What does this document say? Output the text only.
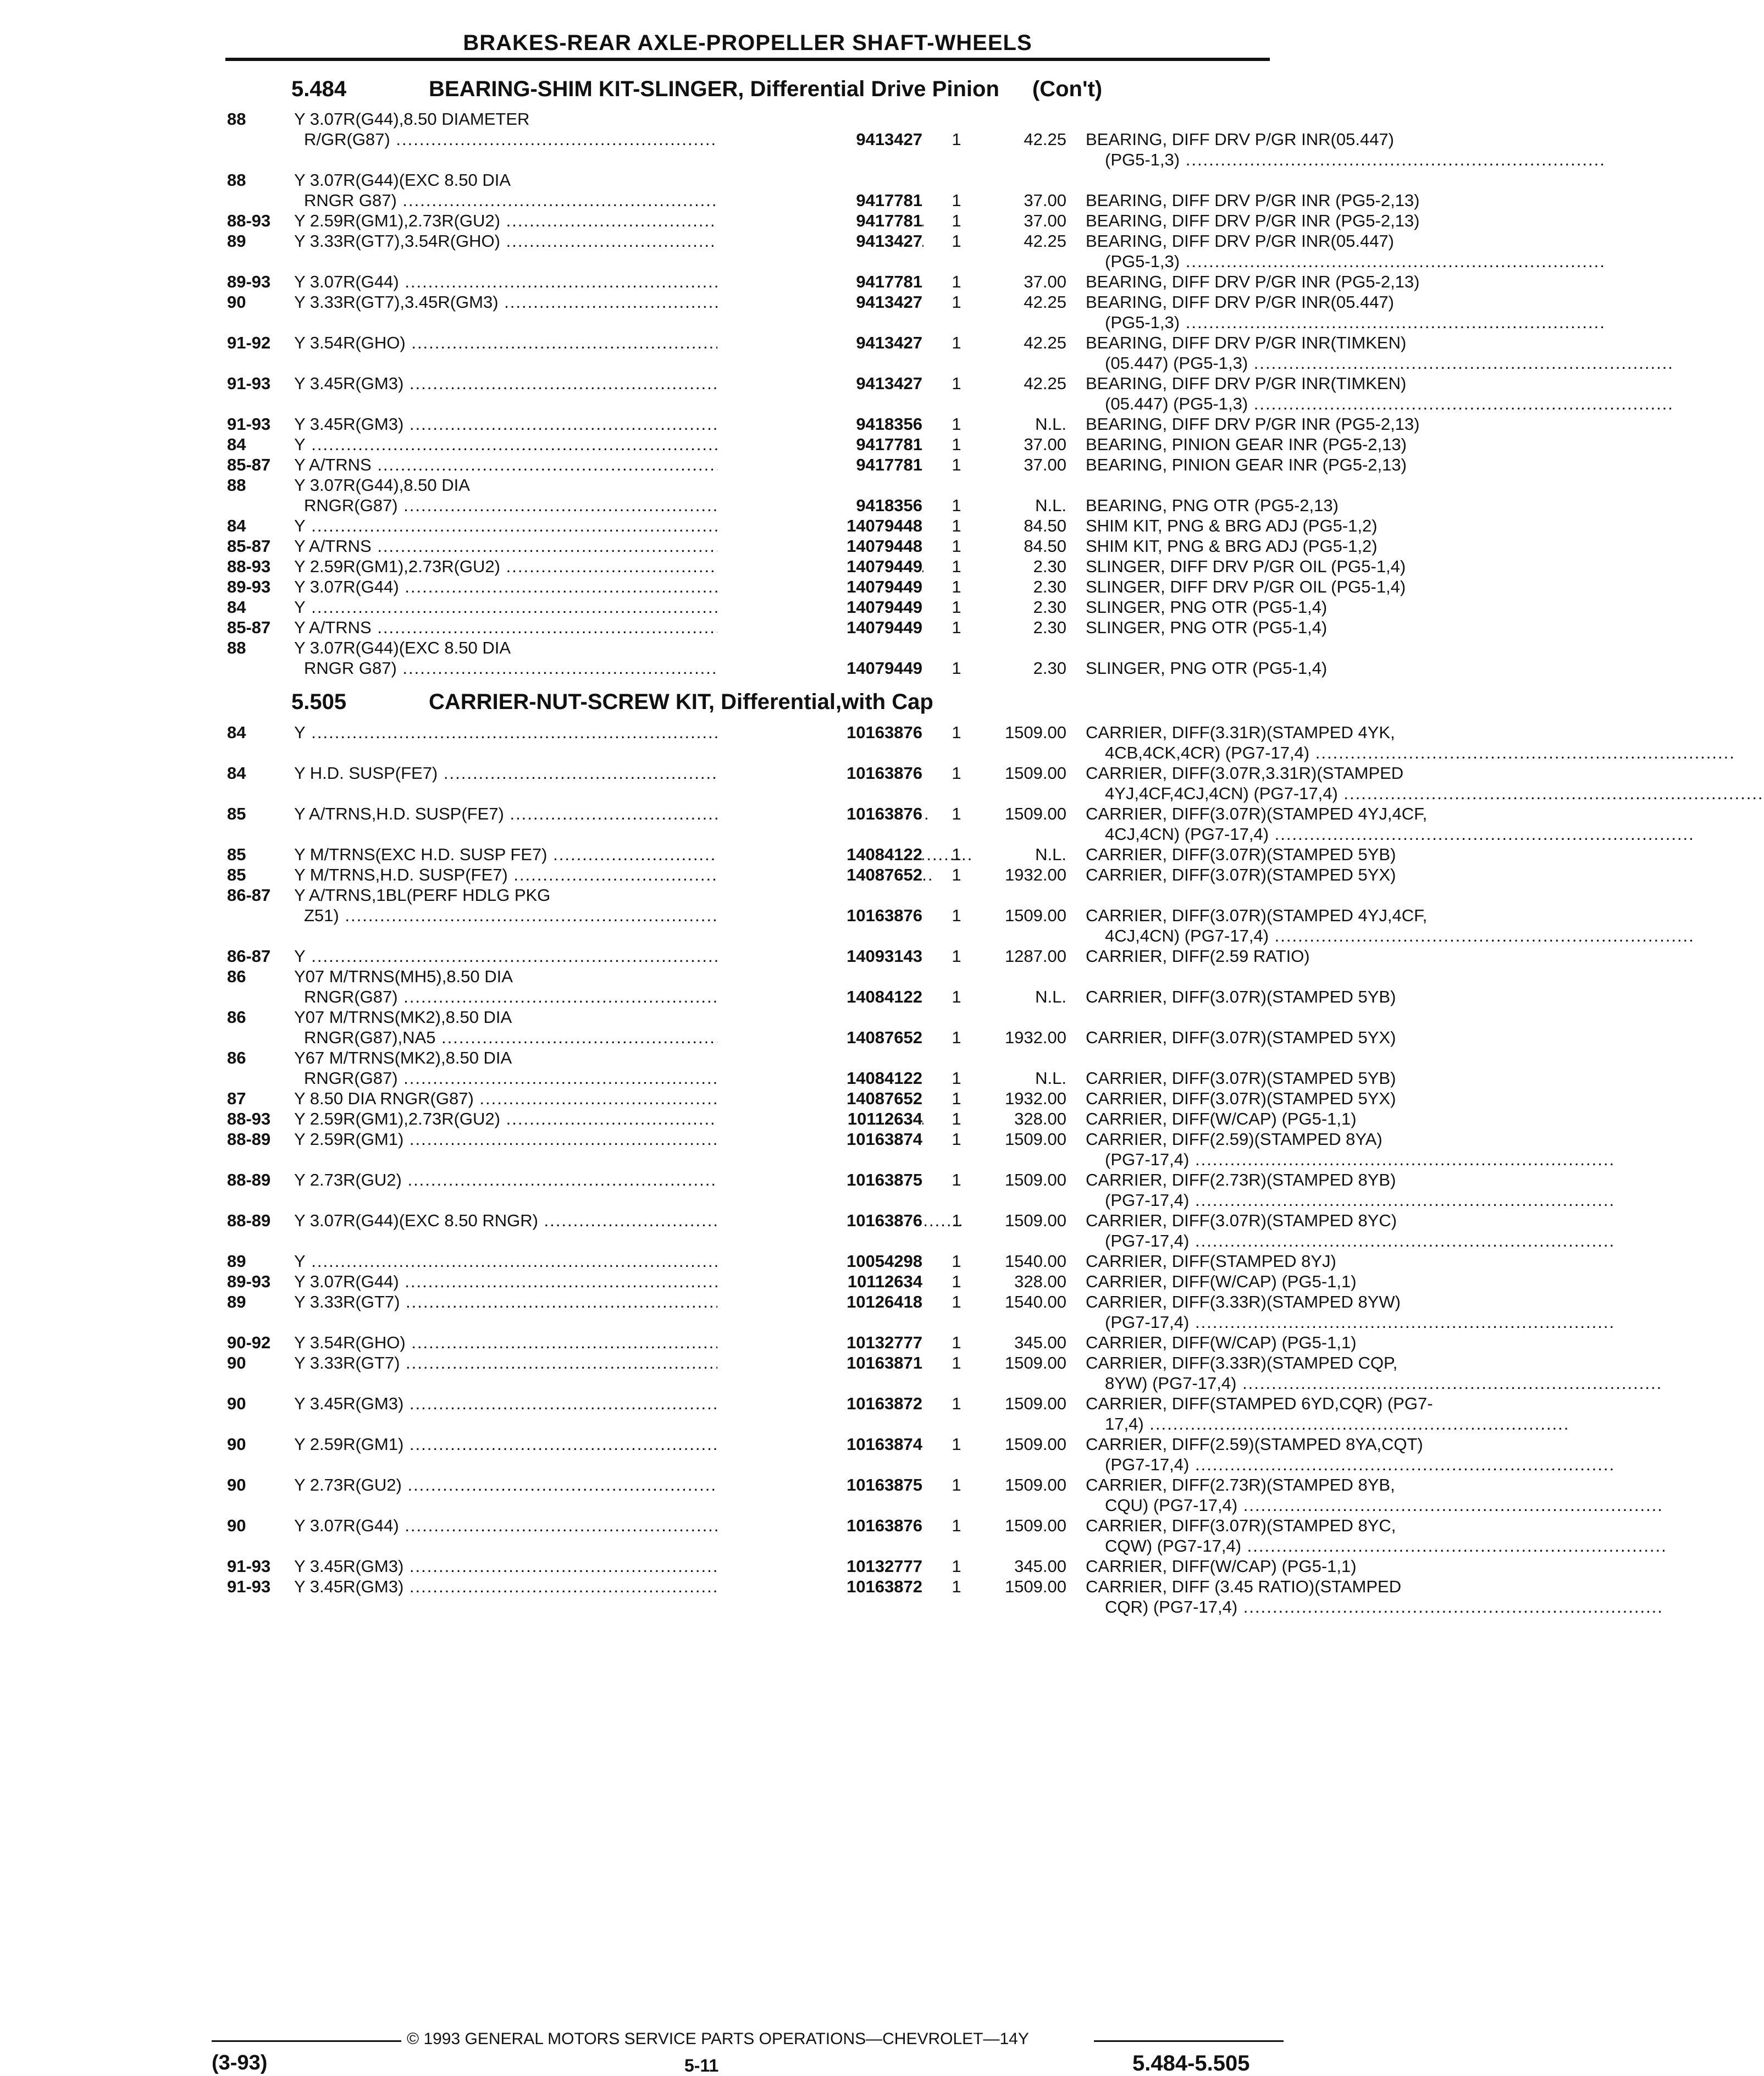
BRAKES-REAR AXLE-PROPELLER SHAFT-WHEELS
5.484	BEARING-SHIM KIT-SLINGER, Differential Drive Pinion (Con't)
88	Y 3.07R(G44),8.50 DIAMETER
R/GR(G87) .....	9413427 1	42.25 BEARING, DIFF DRV P/GR INR(05.447)
(PG5-1,3) .....
88	Y 3.07R(G44)(EXC 8.50 DIA
RNGR G87) .....	9417781 1	37.00 BEARING, DIFF DRV P/GR INR (PG5-2,13)
88-93 Y 2.59R(GM1),2.73R(GU2) .....	9417781 1	37.00 BEARING, DIFF DRV P/GR INR (PG5-2,13)
89	Y 3.33R(GT7),3.54R(GHO) .....	9413427 1	42.25 BEARING, DIFF DRV P/GR INR(05.447)
(PG5-1,3) .....
89-93 Y 3.07R(G44) .....	9417781 1	37.00 BEARING, DIFF DRV P/GR INR (PG5-2,13)
90	Y 3.33R(GT7),3.45R(GM3) .....	9413427 1	42.25 BEARING, DIFF DRV P/GR INR(05.447)
(PG5-1,3) .....
91-92 Y 3.54R(GHO) .....	9413427 1	42.25 BEARING, DIFF DRV P/GR INR(TIMKEN)
(05.447) (PG5-1,3) .....
91-93 Y 3.45R(GM3) .....	9413427 1	42.25 BEARING, DIFF DRV P/GR INR(TIMKEN)
(05.447) (PG5-1,3) .....
91-93 Y 3.45R(GM3) .....	9418356 1	N.L. BEARING, DIFF DRV P/GR INR (PG5-2,13)
84	Y .....	9417781 1	37.00 BEARING, PINION GEAR INR (PG5-2,13)
85-87 Y A/TRNS .....	9417781 1	37.00 BEARING, PINION GEAR INR (PG5-2,13)
88	Y 3.07R(G44),8.50 DIA
RNGR(G87) .....	9418356 1	N.L. BEARING, PNG OTR (PG5-2,13)
84	Y .....	14079448 1	84.50 SHIM KIT, PNG & BRG ADJ (PG5-1,2)
85-87 Y A/TRNS .....	14079448 1	84.50 SHIM KIT, PNG & BRG ADJ (PG5-1,2)
88-93 Y 2.59R(GM1),2.73R(GU2) .....	14079449 1	2.30 SLINGER, DIFF DRV P/GR OIL (PG5-1,4)
89-93 Y 3.07R(G44) .....	14079449 1	2.30 SLINGER, DIFF DRV P/GR OIL (PG5-1,4)
84	Y .....	14079449 1	2.30 SLINGER, PNG OTR (PG5-1,4)
85-87 Y A/TRNS .....	14079449 1	2.30 SLINGER, PNG OTR (PG5-1,4)
88	Y 3.07R(G44)(EXC 8.50 DIA
RNGR G87) .....	14079449 1	2.30 SLINGER, PNG OTR (PG5-1,4)
5.505	CARRIER-NUT-SCREW KIT, Differential,with Cap
84	Y .....	10163876 1	1509.00 CARRIER, DIFF(3.31R)(STAMPED 4YK,
4CB,4CK,4CR) (PG7-17,4) .....
84	Y H.D. SUSP(FE7) .....	10163876 1	1509.00 CARRIER, DIFF(3.07R,3.31R)(STAMPED
4YJ,4CF,4CJ,4CN) (PG7-17,4) .....
85	Y A/TRNS,H.D. SUSP(FE7) .....	10163876 1	1509.00 CARRIER, DIFF(3.07R)(STAMPED 4YJ,4CF,
4CJ,4CN) (PG7-17,4) .....
85	Y M/TRNS(EXC H.D. SUSP FE7) .....	14084122 1	N.L. CARRIER, DIFF(3.07R)(STAMPED 5YB)
85	Y M/TRNS,H.D. SUSP(FE7) .....	14087652 1	1932.00 CARRIER, DIFF(3.07R)(STAMPED 5YX)
86-87 Y A/TRNS,1BL(PERF HDLG PKG
Z51) .....	10163876 1	1509.00 CARRIER, DIFF(3.07R)(STAMPED 4YJ,4CF,
4CJ,4CN) (PG7-17,4) .....
86-87 Y .....	14093143 1	1287.00 CARRIER, DIFF(2.59 RATIO)
86	Y07 M/TRNS(MH5),8.50 DIA
RNGR(G87) .....	14084122 1	N.L. CARRIER, DIFF(3.07R)(STAMPED 5YB)
86	Y07 M/TRNS(MK2),8.50 DIA
RNGR(G87),NA5 .....	14087652 1	1932.00 CARRIER, DIFF(3.07R)(STAMPED 5YX)
86	Y67 M/TRNS(MK2),8.50 DIA
RNGR(G87) .....	14084122 1	N.L. CARRIER, DIFF(3.07R)(STAMPED 5YB)
87	Y 8.50 DIA RNGR(G87) .....	14087652 1	1932.00 CARRIER, DIFF(3.07R)(STAMPED 5YX)
88-93 Y 2.59R(GM1),2.73R(GU2) .....	10112634 1	328.00 CARRIER, DIFF(W/CAP) (PG5-1,1)
88-89 Y 2.59R(GM1) .....	10163874 1	1509.00 CARRIER, DIFF(2.59)(STAMPED 8YA)
(PG7-17,4) .....
88-89 Y 2.73R(GU2) .....	10163875 1	1509.00 CARRIER, DIFF(2.73R)(STAMPED 8YB)
(PG7-17,4) .....
88-89 Y 3.07R(G44)(EXC 8.50 RNGR) .....	10163876 1	1509.00 CARRIER, DIFF(3.07R)(STAMPED 8YC)
(PG7-17,4) .....
89	Y .....	10054298 1	1540.00 CARRIER, DIFF(STAMPED 8YJ)
89-93 Y 3.07R(G44) .....	10112634 1	328.00 CARRIER, DIFF(W/CAP) (PG5-1,1)
89	Y 3.33R(GT7) .....	10126418 1	1540.00 CARRIER, DIFF(3.33R)(STAMPED 8YW)
(PG7-17,4) .....
90-92 Y 3.54R(GHO) .....	10132777 1	345.00 CARRIER, DIFF(W/CAP) (PG5-1,1)
90	Y 3.33R(GT7) .....	10163871 1	1509.00 CARRIER, DIFF(3.33R)(STAMPED CQP,
8YW) (PG7-17,4) .....
90	Y 3.45R(GM3) .....	10163872 1	1509.00 CARRIER, DIFF(STAMPED 6YD,CQR) (PG7-
17,4) .....
90	Y 2.59R(GM1) .....	10163874 1	1509.00 CARRIER, DIFF(2.59)(STAMPED 8YA,CQT)
(PG7-17,4) .....
90	Y 2.73R(GU2) .....	10163875 1	1509.00 CARRIER, DIFF(2.73R)(STAMPED 8YB,
CQU) (PG7-17,4) .....
90	Y 3.07R(G44) .....	10163876 1	1509.00 CARRIER, DIFF(3.07R)(STAMPED 8YC,
CQW) (PG7-17,4) .....
91-93 Y 3.45R(GM3) .....	10132777 1	345.00 CARRIER, DIFF(W/CAP) (PG5-1,1)
91-93 Y 3.45R(GM3) .....	10163872 1	1509.00 CARRIER, DIFF (3.45 RATIO)(STAMPED
CQR) (PG7-17,4) .....
© 1993 GENERAL MOTORS SERVICE PARTS OPERATIONS—CHEVROLET—14Y
(3-93)	5-11	5.484-5.505
